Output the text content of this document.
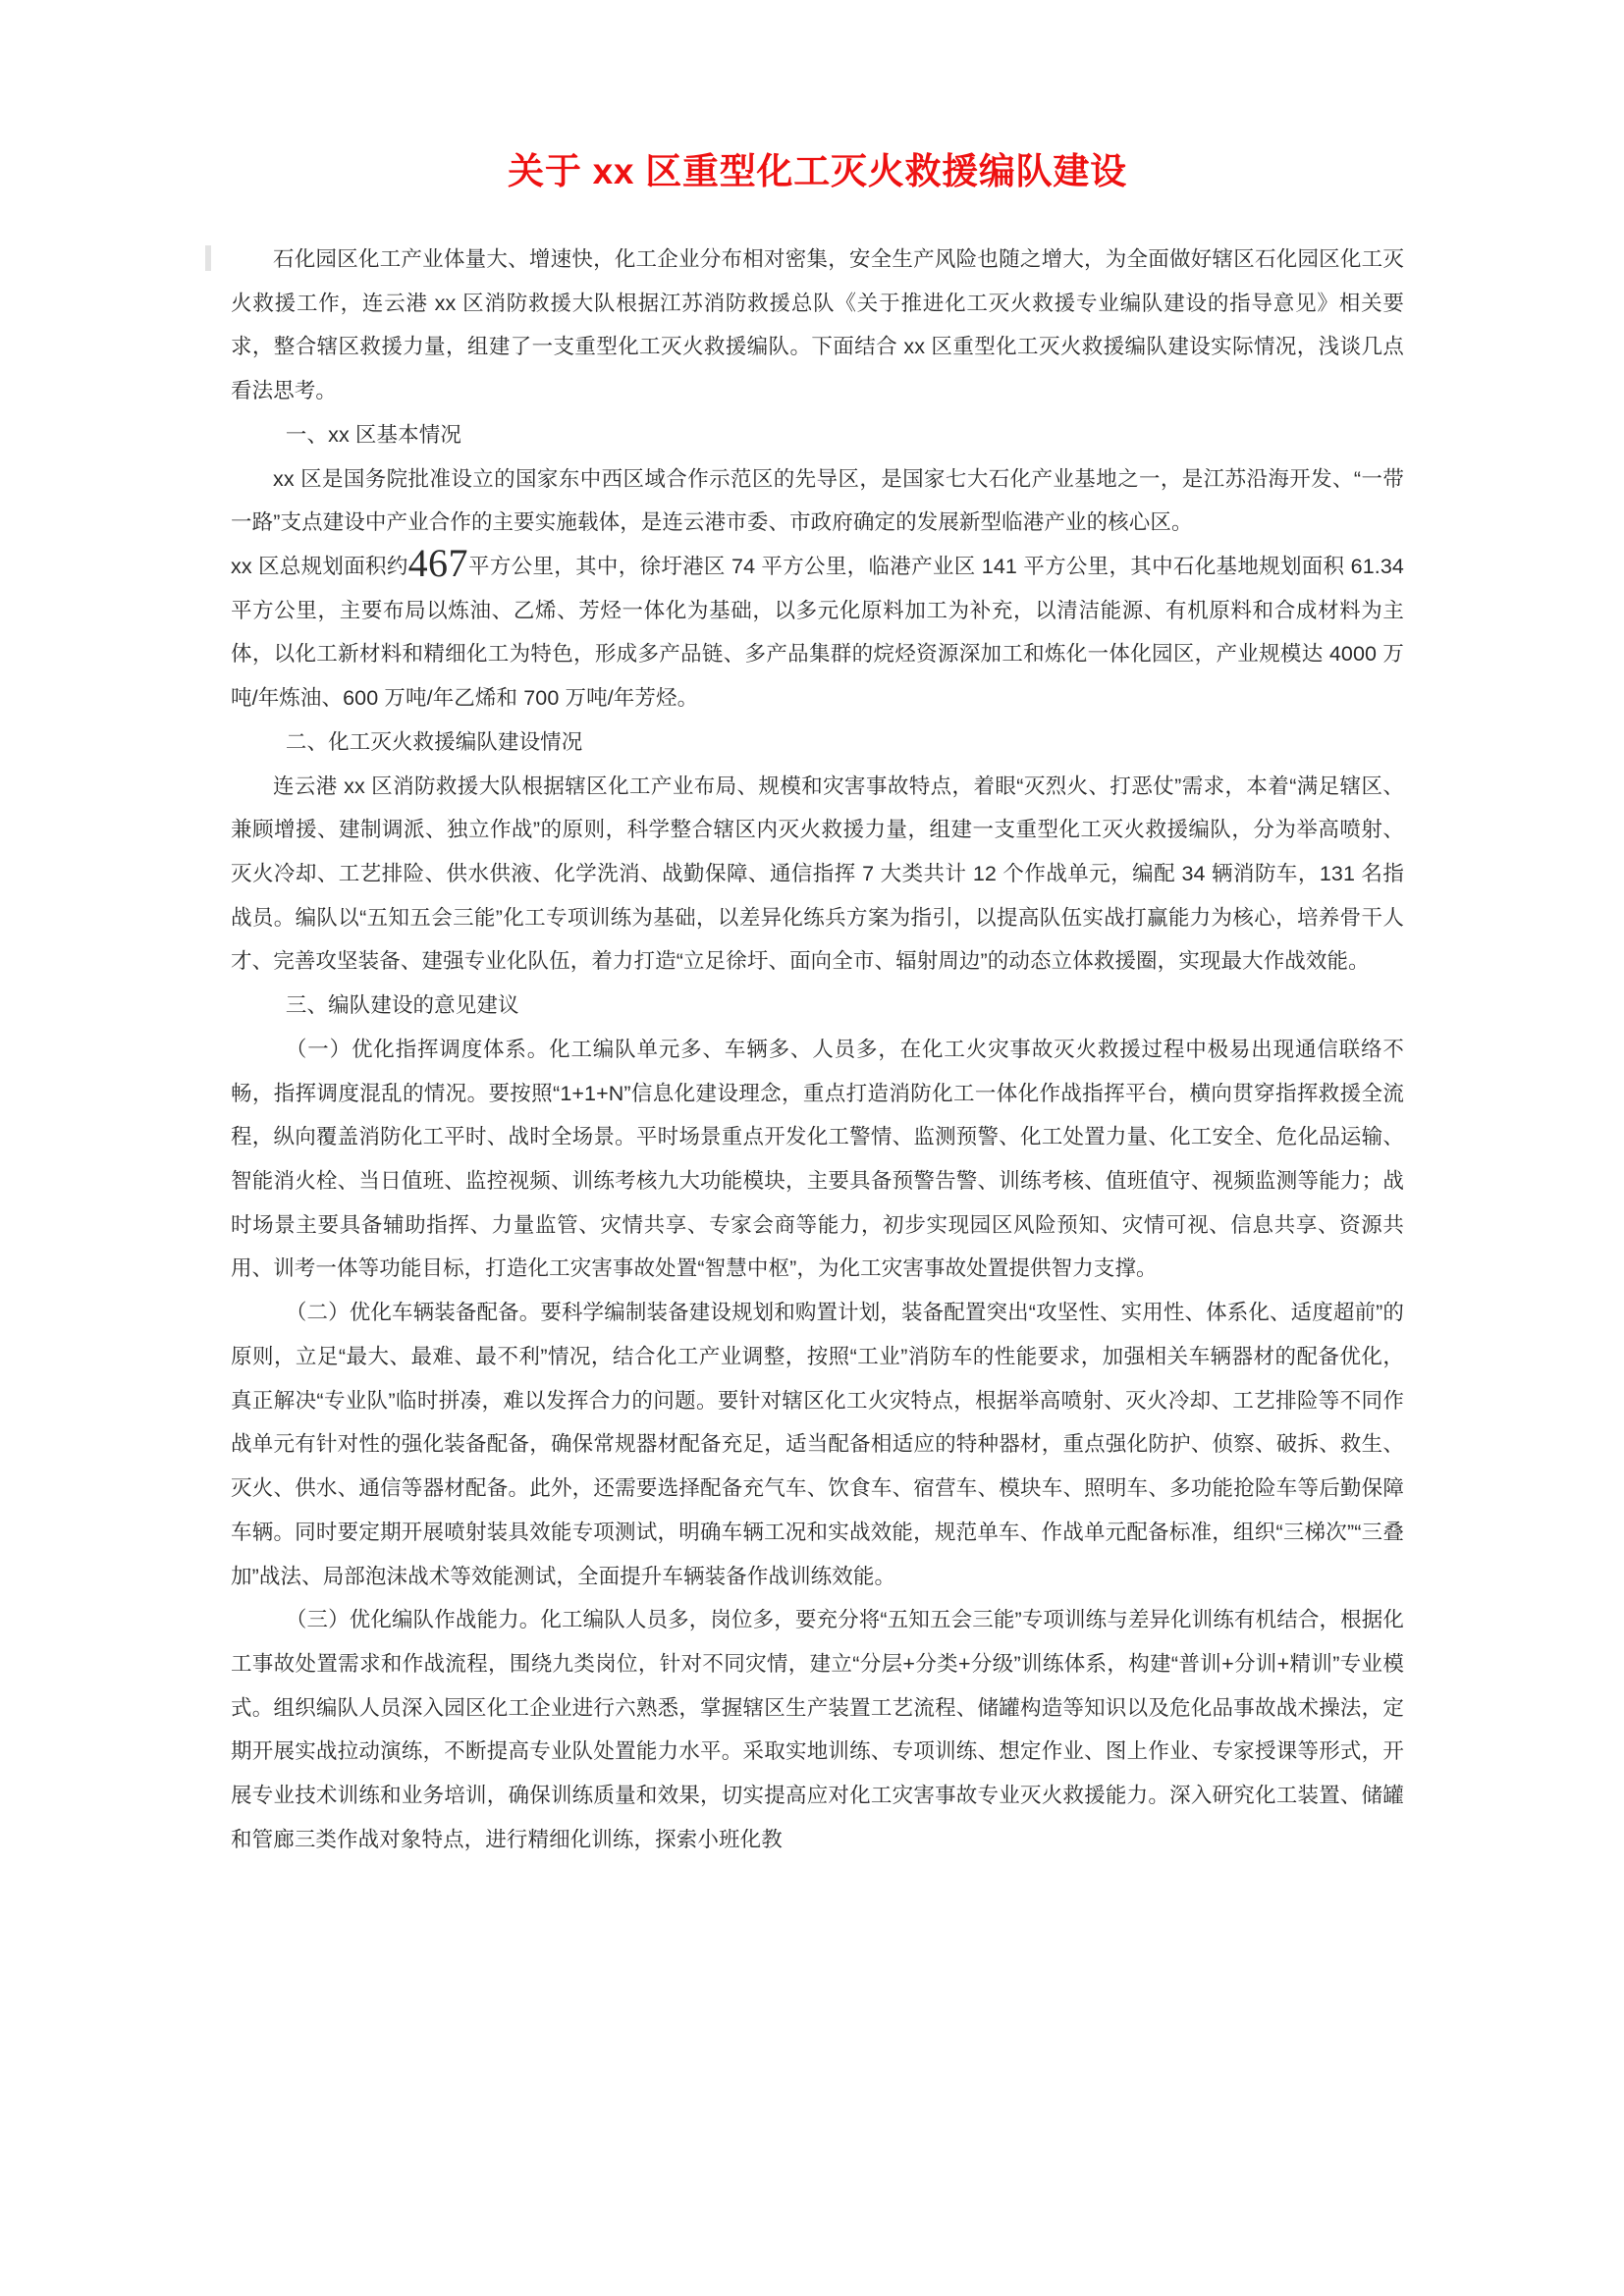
关于 xx 区重型化工灭火救援编队建设

石化园区化工产业体量大、增速快，化工企业分布相对密集，安全生产风险也随之增大，为全面做好辖区石化园区化工灭火救援工作，连云港 xx 区消防救援大队根据江苏消防救援总队《关于推进化工灭火救援专业编队建设的指导意见》相关要求，整合辖区救援力量，组建了一支重型化工灭火救援编队。下面结合 xx 区重型化工灭火救援编队建设实际情况，浅谈几点看法思考。

一、xx 区基本情况

xx 区是国务院批准设立的国家东中西区域合作示范区的先导区，是国家七大石化产业基地之一，是江苏沿海开发、“一带一路”支点建设中产业合作的主要实施载体，是连云港市委、市政府确定的发展新型临港产业的核心区。

xx 区总规划面积约467平方公里，其中，徐圩港区 74 平方公里，临港产业区 141 平方公里，其中石化基地规划面积 61.34 平方公里，主要布局以炼油、乙烯、芳烃一体化为基础，以多元化原料加工为补充，以清洁能源、有机原料和合成材料为主体，以化工新材料和精细化工为特色，形成多产品链、多产品集群的烷烃资源深加工和炼化一体化园区，产业规模达 4000 万吨/年炼油、600 万吨/年乙烯和 700 万吨/年芳烃。

二、化工灭火救援编队建设情况

连云港 xx 区消防救援大队根据辖区化工产业布局、规模和灾害事故特点，着眼“灭烈火、打恶仗”需求，本着“满足辖区、兼顾增援、建制调派、独立作战”的原则，科学整合辖区内灭火救援力量，组建一支重型化工灭火救援编队，分为举高喷射、灭火冷却、工艺排险、供水供液、化学洗消、战勤保障、通信指挥 7 大类共计 12 个作战单元，编配 34 辆消防车，131 名指战员。编队以“五知五会三能”化工专项训练为基础，以差异化练兵方案为指引，以提高队伍实战打赢能力为核心，培养骨干人才、完善攻坚装备、建强专业化队伍，着力打造“立足徐圩、面向全市、辐射周边”的动态立体救援圈，实现最大作战效能。

三、编队建设的意见建议

（一）优化指挥调度体系。化工编队单元多、车辆多、人员多，在化工火灾事故灭火救援过程中极易出现通信联络不畅，指挥调度混乱的情况。要按照“1+1+N”信息化建设理念，重点打造消防化工一体化作战指挥平台，横向贯穿指挥救援全流程，纵向覆盖消防化工平时、战时全场景。平时场景重点开发化工警情、监测预警、化工处置力量、化工安全、危化品运输、智能消火栓、当日值班、监控视频、训练考核九大功能模块，主要具备预警告警、训练考核、值班值守、视频监测等能力；战时场景主要具备辅助指挥、力量监管、灾情共享、专家会商等能力，初步实现园区风险预知、灾情可视、信息共享、资源共用、训考一体等功能目标，打造化工灾害事故处置“智慧中枢”，为化工灾害事故处置提供智力支撑。

（二）优化车辆装备配备。要科学编制装备建设规划和购置计划，装备配置突出“攻坚性、实用性、体系化、适度超前”的原则，立足“最大、最难、最不利”情况，结合化工产业调整，按照“工业”消防车的性能要求，加强相关车辆器材的配备优化，真正解决“专业队”临时拼凑，难以发挥合力的问题。要针对辖区化工火灾特点，根据举高喷射、灭火冷却、工艺排险等不同作战单元有针对性的强化装备配备，确保常规器材配备充足，适当配备相适应的特种器材，重点强化防护、侦察、破拆、救生、灭火、供水、通信等器材配备。此外，还需要选择配备充气车、饮食车、宿营车、模块车、照明车、多功能抢险车等后勤保障车辆。同时要定期开展喷射装具效能专项测试，明确车辆工况和实战效能，规范单车、作战单元配备标准，组织“三梯次”“三叠加”战法、局部泡沫战术等效能测试，全面提升车辆装备作战训练效能。

（三）优化编队作战能力。化工编队人员多，岗位多，要充分将“五知五会三能”专项训练与差异化训练有机结合，根据化工事故处置需求和作战流程，围绕九类岗位，针对不同灾情，建立“分层+分类+分级”训练体系，构建“普训+分训+精训”专业模式。组织编队人员深入园区化工企业进行六熟悉，掌握辖区生产装置工艺流程、储罐构造等知识以及危化品事故战术操法，定期开展实战拉动演练，不断提高专业队处置能力水平。采取实地训练、专项训练、想定作业、图上作业、专家授课等形式，开展专业技术训练和业务培训，确保训练质量和效果，切实提高应对化工灾害事故专业灭火救援能力。深入研究化工装置、储罐和管廊三类作战对象特点，进行精细化训练，探索小班化教
